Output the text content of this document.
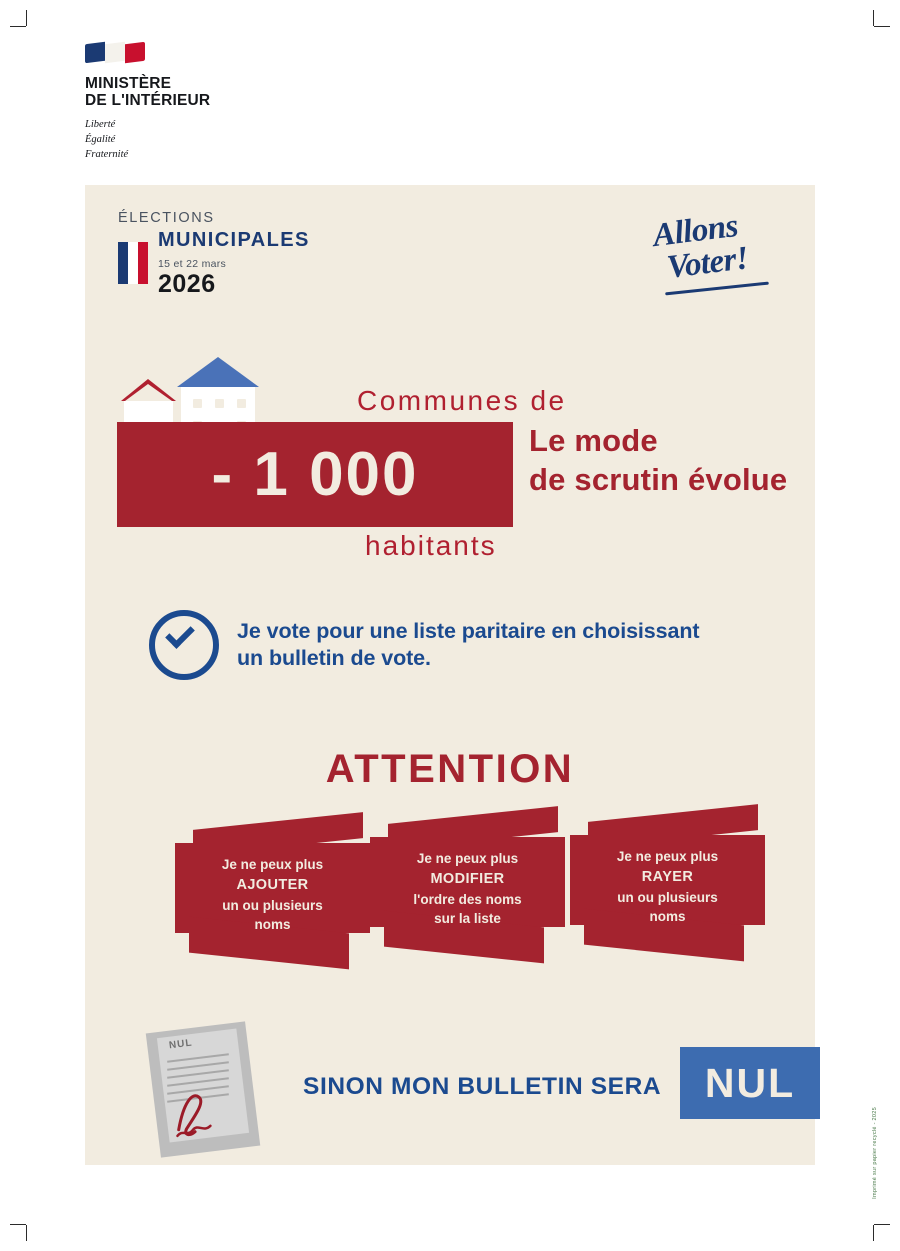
MINISTÈRE
DE L'INTÉRIEUR
Liberté
Égalité
Fraternité
ÉLECTIONS
MUNICIPALES
15 et 22 mars
2026
Allons
Voter!
Communes de
- 1 000
habitants
Le mode
de scrutin évolue
Je vote pour une liste paritaire en choisissant
un bulletin de vote.
ATTENTION
Je ne peux plus
AJOUTER
un ou plusieurs
noms
Je ne peux plus
MODIFIER
l'ordre des noms
sur la liste
Je ne peux plus
RAYER
un ou plusieurs
noms
NUL
SINON MON BULLETIN SERA	NUL
Imprimé sur papier recyclé - 2025
